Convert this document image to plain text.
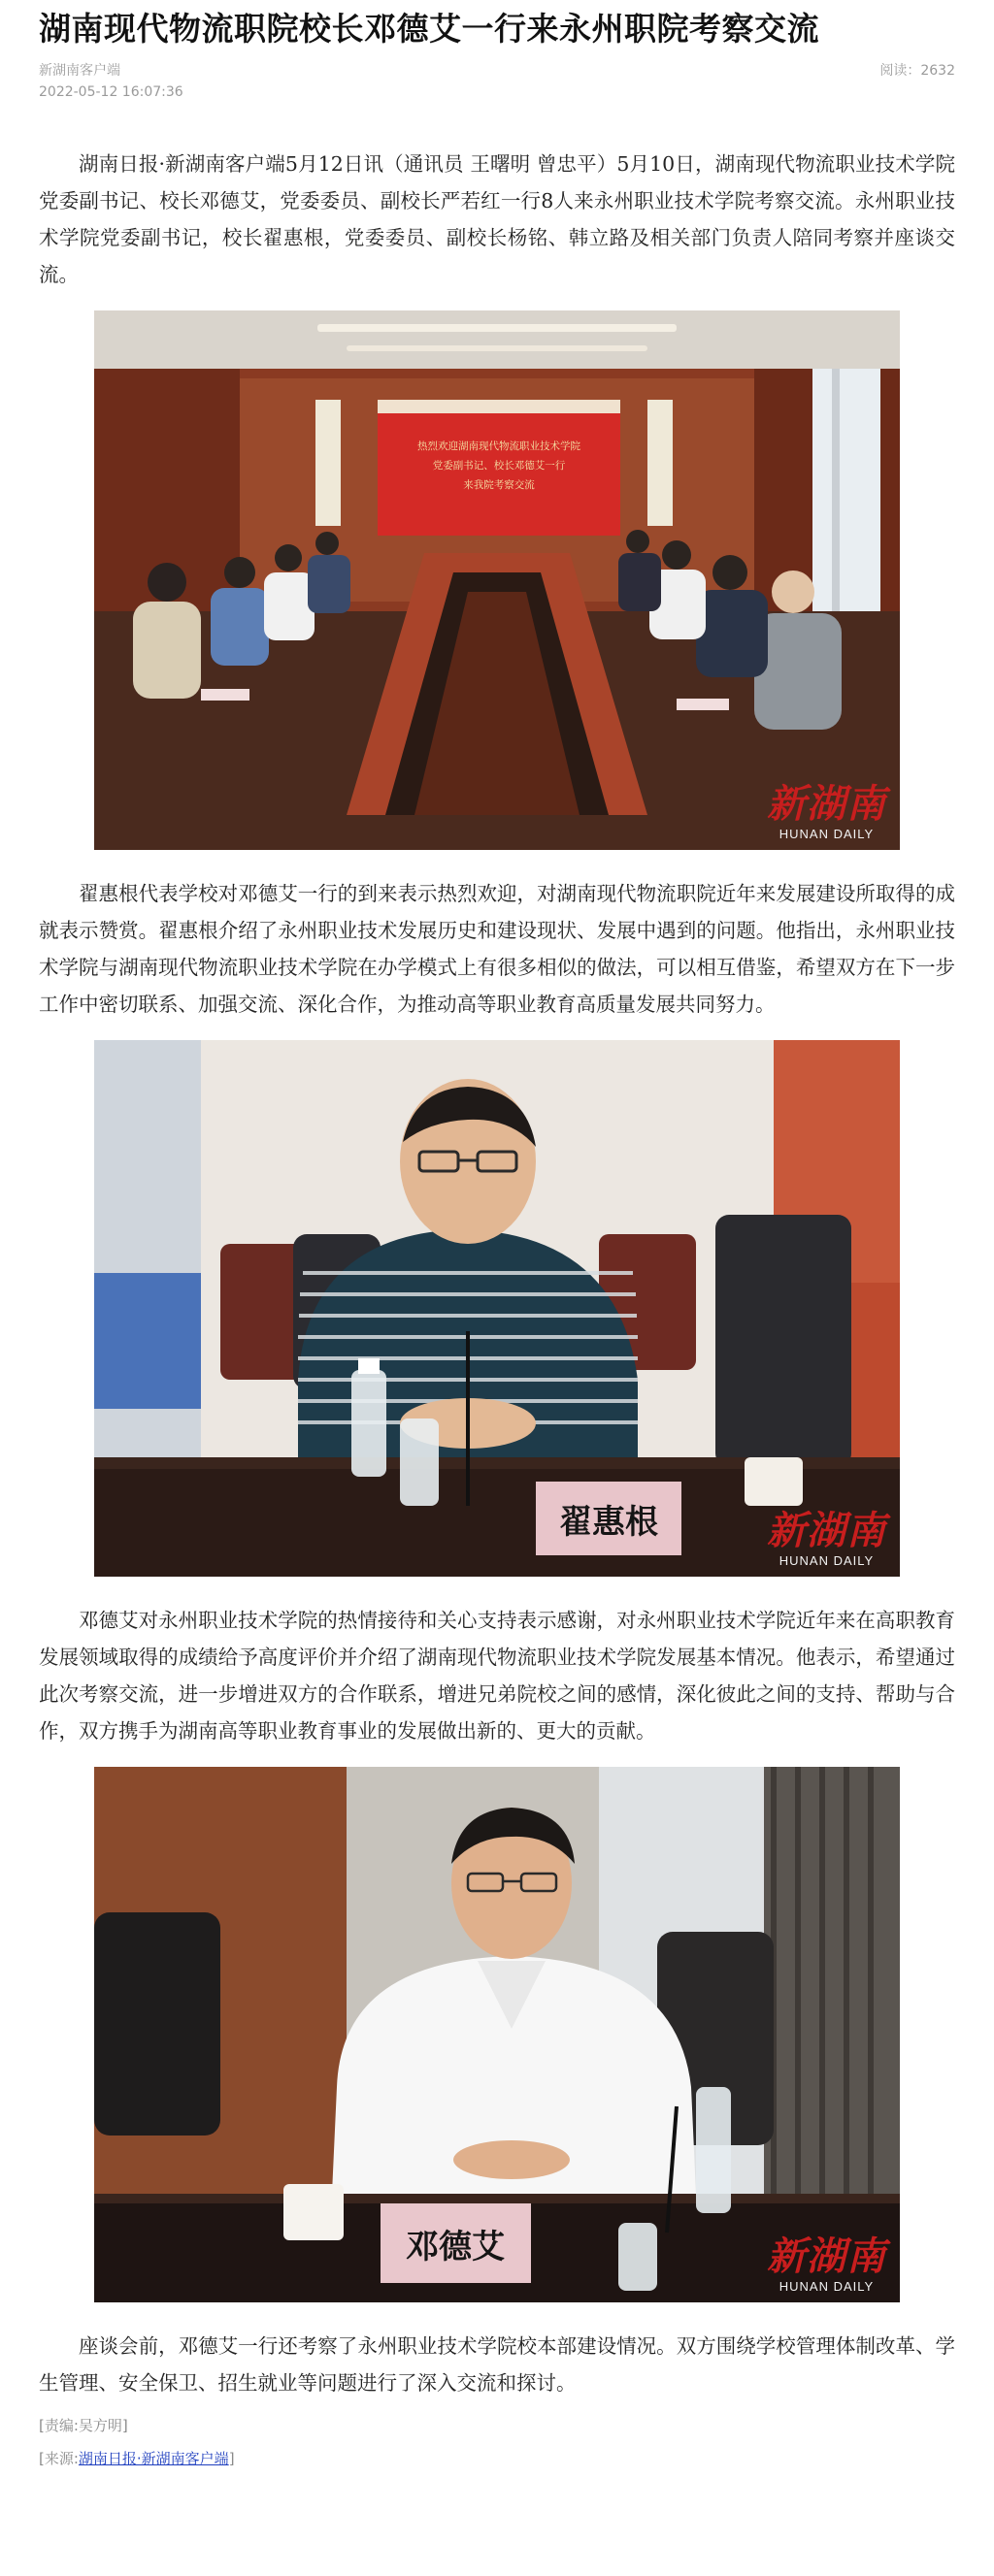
湖南现代物流职院校长邓德艾一行来永州职院考察交流
新湖南客户端
2022-05-12 16:07:36
阅读：2632

湖南日报·新湖南客户端5月12日讯（通讯员 王曙明 曾忠平）5月10日，湖南现代物流职业技术学院党委副书记、校长邓德艾，党委委员、副校长严若红一行8人来永州职业技术学院考察交流。永州职业技术学院党委副书记，校长翟惠根，党委委员、副校长杨铭、韩立路及相关部门负责人陪同考察并座谈交流。

热烈欢迎湖南现代物流职业技术学院
党委副书记、校长邓德艾一行
来我院考察交流
新湖南
HUNAN DAILY

翟惠根代表学校对邓德艾一行的到来表示热烈欢迎，对湖南现代物流职院近年来发展建设所取得的成就表示赞赏。翟惠根介绍了永州职业技术发展历史和建设现状、发展中遇到的问题。他指出，永州职业技术学院与湖南现代物流职业技术学院在办学模式上有很多相似的做法，可以相互借鉴，希望双方在下一步工作中密切联系、加强交流、深化合作，为推动高等职业教育高质量发展共同努力。

翟惠根	新湖南
HUNAN DAILY

邓德艾对永州职业技术学院的热情接待和关心支持表示感谢，对永州职业技术学院近年来在高职教育发展领域取得的成绩给予高度评价并介绍了湖南现代物流职业技术学院发展基本情况。他表示，希望通过此次考察交流，进一步增进双方的合作联系，增进兄弟院校之间的感情，深化彼此之间的支持、帮助与合作，双方携手为湖南高等职业教育事业的发展做出新的、更大的贡献。

邓德艾	新湖南
HUNAN DAILY

座谈会前，邓德艾一行还考察了永州职业技术学院校本部建设情况。双方围绕学校管理体制改革、学生管理、安全保卫、招生就业等问题进行了深入交流和探讨。

[责编:吴方明]
[来源:湖南日报·新湖南客户端]
